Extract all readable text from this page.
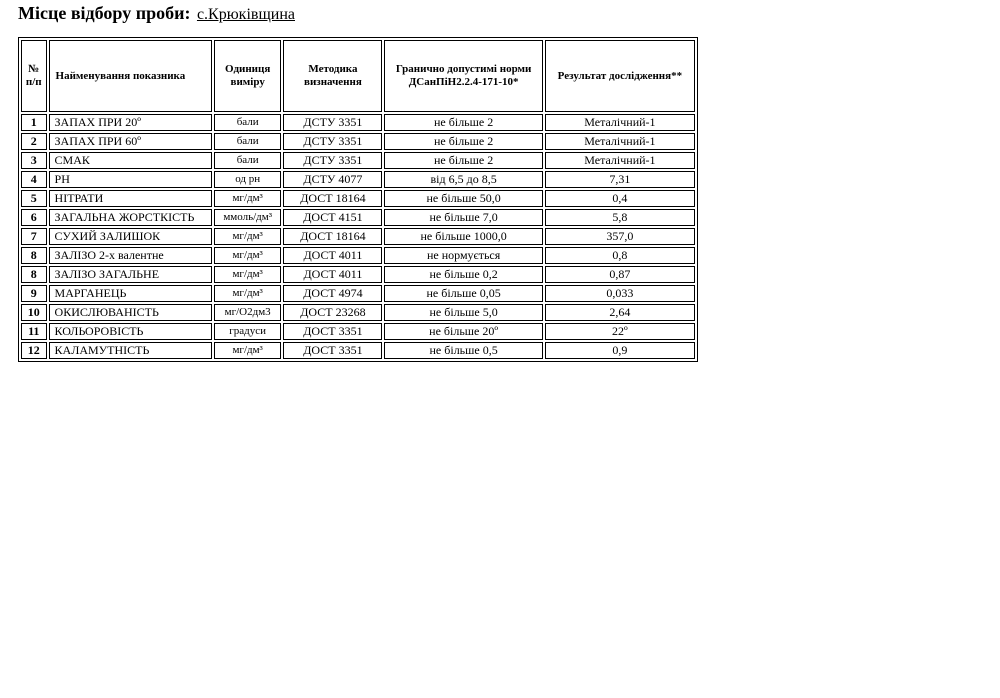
Місце відбору проби: с.Крюківщина
№ п/п	Найменування показника	Одиниця виміру	Методика визначення	Гранично допустимі норми ДСанПіН2.2.4-171-10*	Результат дослідження**
1	ЗАПАХ ПРИ 20º	бали	ДСТУ 3351	не більше 2	Металічний-1
2	ЗАПАХ ПРИ 60º	бали	ДСТУ 3351	не більше 2	Металічний-1
3	СМАК	бали	ДСТУ 3351	не більше 2	Металічний-1
4	РН	од рн	ДСТУ 4077	від 6,5 до 8,5	7,31
5	НІТРАТИ	мг/дм³	ДОСТ 18164	не більше 50,0	0,4
6	ЗАГАЛЬНА ЖОРСТКІСТЬ	ммоль/дм³	ДОСТ 4151	не більше 7,0	5,8
7	СУХИЙ ЗАЛИШОК	мг/дм³	ДОСТ 18164	не більше 1000,0	357,0
8	ЗАЛІЗО 2-х валентне	мг/дм³	ДОСТ 4011	не нормується	0,8
8	ЗАЛІЗО ЗАГАЛЬНЕ	мг/дм³	ДОСТ 4011	не більше 0,2	0,87
9	МАРГАНЕЦЬ	мг/дм³	ДОСТ 4974	не більше 0,05	0,033
10	ОКИСЛЮВАНІСТЬ	мг/О2дм3	ДОСТ 23268	не більше 5,0	2,64
11	КОЛЬОРОВІСТЬ	градуси	ДОСТ 3351	не більше 20º	22º
12	КАЛАМУТНІСТЬ	мг/дм³	ДОСТ 3351	не більше 0,5	0,9
